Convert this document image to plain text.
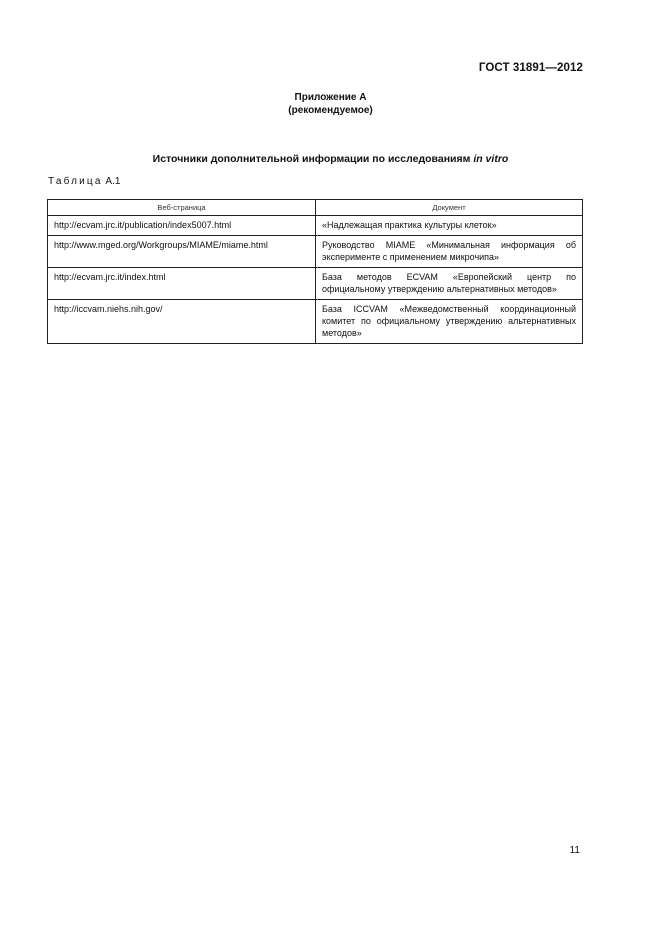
ГОСТ 31891—2012
Приложение А
(рекомендуемое)
Источники дополнительной информации по исследованиям in vitro
Таблица А.1
Веб-страница	Документ
http://ecvam.jrc.it/publication/index5007.html	«Надлежащая практика культуры клеток»
http://www.mged.org/Workgroups/MIAME/miame.html	Руководство MIAME «Минимальная информация об эксперименте с применением микрочипа»
http://ecvam.jrc.it/index.html	База методов ECVAM «Европейский центр по официальному утверждению альтернативных методов»
http://iccvam.niehs.nih.gov/	База ICCVAM «Межведомственный координационный комитет по официальному утверждению альтернативных методов»
11
